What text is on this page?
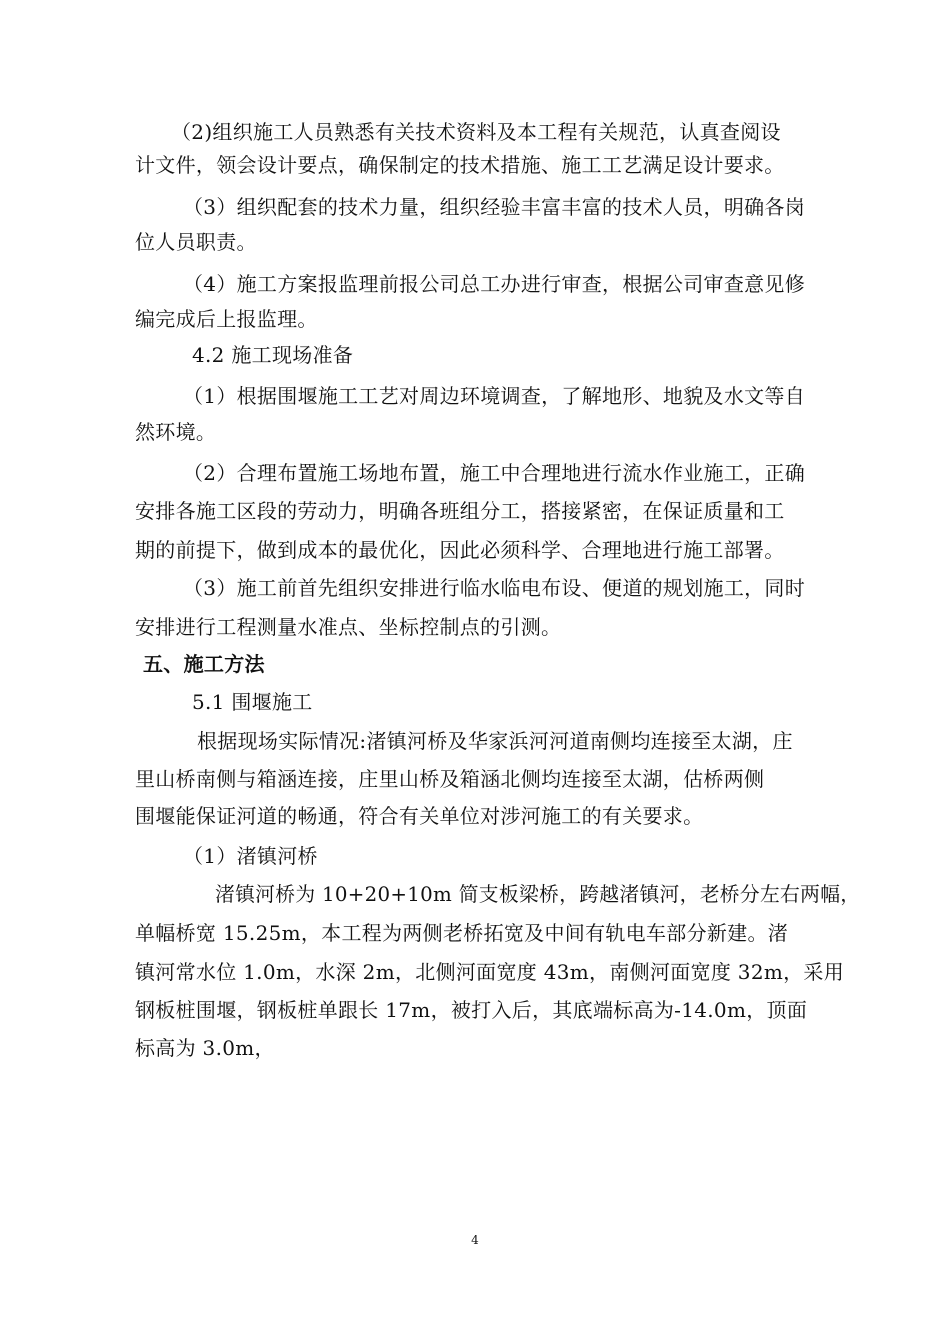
（2)组织施工人员熟悉有关技术资料及本工程有关规范，认真查阅设
计文件，领会设计要点，确保制定的技术措施、施工工艺满足设计要求。
（3）组织配套的技术力量，组织经验丰富丰富的技术人员，明确各岗
位人员职责。
（4）施工方案报监理前报公司总工办进行审查，根据公司审查意见修
编完成后上报监理。
4.2 施工现场准备
（1）根据围堰施工工艺对周边环境调查，了解地形、地貌及水文等自
然环境。
（2）合理布置施工场地布置，施工中合理地进行流水作业施工，正确
安排各施工区段的劳动力，明确各班组分工，搭接紧密，在保证质量和工
期的前提下，做到成本的最优化，因此必须科学、合理地进行施工部署。
（3）施工前首先组织安排进行临水临电布设、便道的规划施工，同时
安排进行工程测量水准点、坐标控制点的引测。
五、施工方法
5.1 围堰施工
根据现场实际情况:渚镇河桥及华家浜河河道南侧均连接至太湖，庄
里山桥南侧与箱涵连接，庄里山桥及箱涵北侧均连接至太湖，估桥两侧
围堰能保证河道的畅通，符合有关单位对涉河施工的有关要求。
（1）渚镇河桥
渚镇河桥为 10+20+10m 简支板梁桥，跨越渚镇河，老桥分左右两幅，
单幅桥宽 15.25m，本工程为两侧老桥拓宽及中间有轨电车部分新建。渚
镇河常水位 1.0m，水深 2m，北侧河面宽度 43m，南侧河面宽度 32m，采用
钢板桩围堰，钢板桩单跟长 17m，被打入后，其底端标高为-14.0m，顶面
标高为 3.0m，
4
